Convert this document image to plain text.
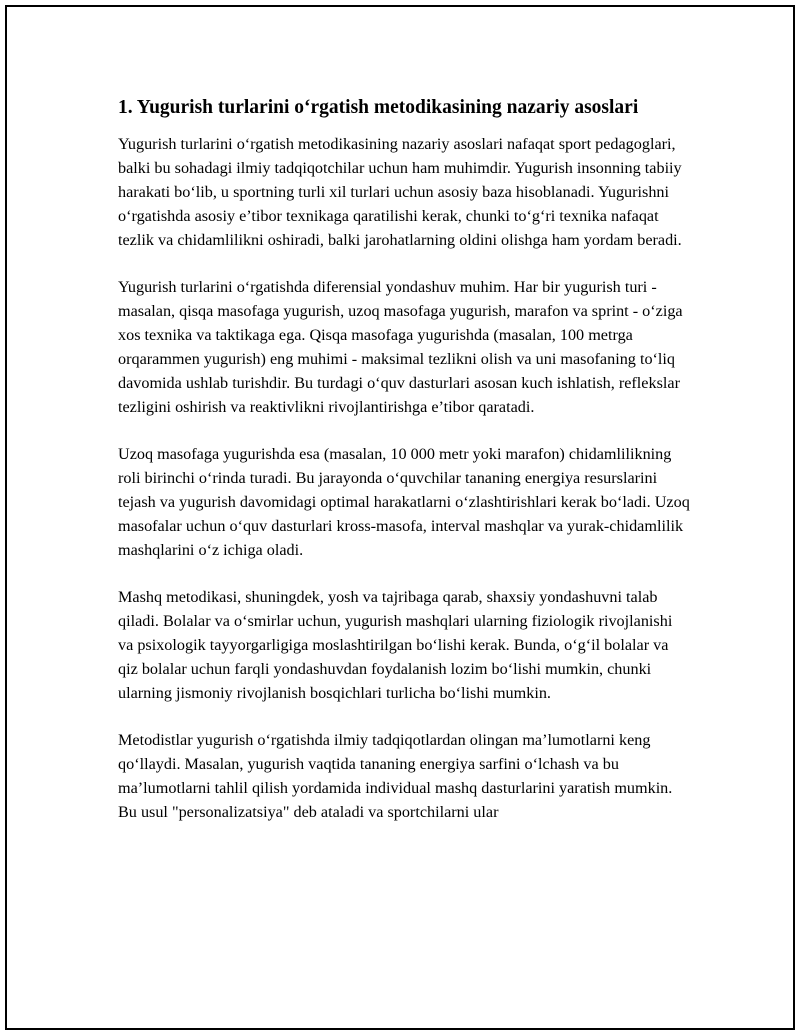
1. Yugurish turlarini o‘rgatish metodikasining nazariy asoslari

Yugurish turlarini o‘rgatish metodikasining nazariy asoslari nafaqat sport pedagoglari, balki bu sohadagi ilmiy tadqiqotchilar uchun ham muhimdir. Yugurish insonning tabiiy harakati bo‘lib, u sportning turli xil turlari uchun asosiy baza hisoblanadi. Yugurishni o‘rgatishda asosiy e’tibor texnikaga qaratilishi kerak, chunki to‘g‘ri texnika nafaqat tezlik va chidamlilikni oshiradi, balki jarohatlarning oldini olishga ham yordam beradi.

Yugurish turlarini o‘rgatishda diferensial yondashuv muhim. Har bir yugurish turi - masalan, qisqa masofaga yugurish, uzoq masofaga yugurish, marafon va sprint - o‘ziga xos texnika va taktikaga ega. Qisqa masofaga yugurishda (masalan, 100 metrga orqarammen yugurish) eng muhimi - maksimal tezlikni olish va uni masofaning to‘liq davomida ushlab turishdir. Bu turdagi o‘quv dasturlari asosan kuch ishlatish, reflekslar tezligini oshirish va reaktivlikni rivojlantirishga e’tibor qaratadi.

Uzoq masofaga yugurishda esa (masalan, 10 000 metr yoki marafon) chidamlilikning roli birinchi o‘rinda turadi. Bu jarayonda o‘quvchilar tananing energiya resurslarini tejash va yugurish davomidagi optimal harakatlarni o‘zlashtirishlari kerak bo‘ladi. Uzoq masofalar uchun o‘quv dasturlari kross-masofa, interval mashqlar va yurak-chidamlilik mashqlarini o‘z ichiga oladi.

Mashq metodikasi, shuningdek, yosh va tajribaga qarab, shaxsiy yondashuvni talab qiladi. Bolalar va o‘smirlar uchun, yugurish mashqlari ularning fiziologik rivojlanishi va psixologik tayyorgarligiga moslashtirilgan bo‘lishi kerak. Bunda, o‘g‘il bolalar va qiz bolalar uchun farqli yondashuvdan foydalanish lozim bo‘lishi mumkin, chunki ularning jismoniy rivojlanish bosqichlari turlicha bo‘lishi mumkin.

Metodistlar yugurish o‘rgatishda ilmiy tadqiqotlardan olingan ma’lumotlarni keng qo‘llaydi. Masalan, yugurish vaqtida tananing energiya sarfini o‘lchash va bu ma’lumotlarni tahlil qilish yordamida individual mashq dasturlarini yaratish mumkin. Bu usul "personalizatsiya" deb ataladi va sportchilarni ular
